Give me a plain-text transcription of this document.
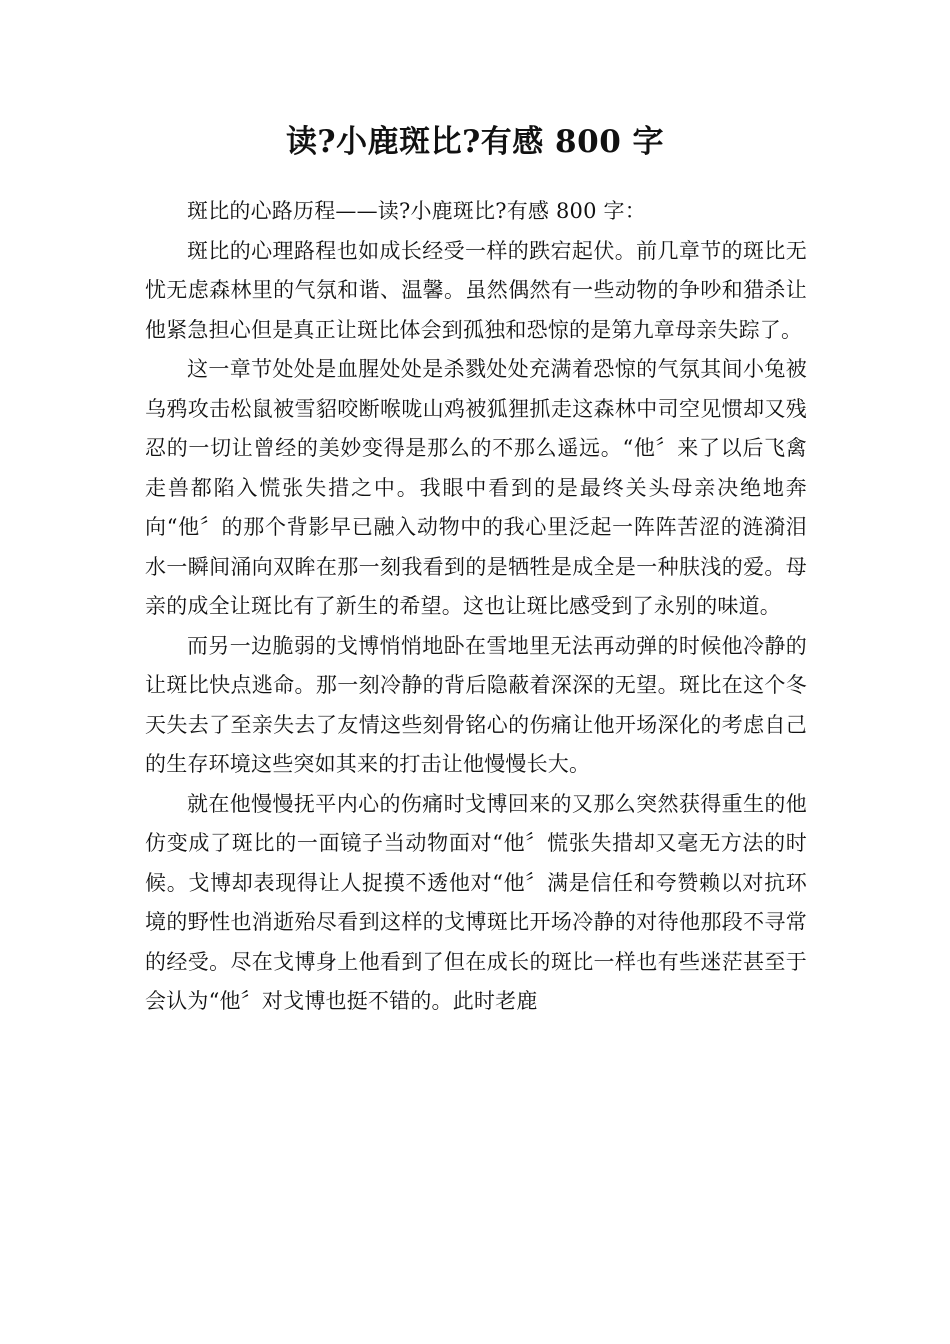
读?小鹿斑比?有感 800 字

斑比的心路历程——读?小鹿斑比?有感 800 字：

斑比的心理路程也如成长经受一样的跌宕起伏。前几章节的斑比无忧无虑森林里的气氛和谐、温馨。虽然偶然有一些动物的争吵和猎杀让他紧急担心但是真正让斑比体会到孤独和恐惊的是第九章母亲失踪了。

这一章节处处是血腥处处是杀戮处处充满着恐惊的气氛其间小兔被乌鸦攻击松鼠被雪貂咬断喉咙山鸡被狐狸抓走这森林中司空见惯却又残忍的一切让曾经的美妙变得是那么的不那么遥远。“他〞来了以后飞禽走兽都陷入慌张失措之中。我眼中看到的是最终关头母亲决绝地奔向“他〞的那个背影早已融入动物中的我心里泛起一阵阵苦涩的涟漪泪水一瞬间涌向双眸在那一刻我看到的是牺牲是成全是一种肤浅的爱。母亲的成全让斑比有了新生的希望。这也让斑比感受到了永别的味道。

而另一边脆弱的戈博悄悄地卧在雪地里无法再动弹的时候他冷静的让斑比快点逃命。那一刻冷静的背后隐蔽着深深的无望。斑比在这个冬天失去了至亲失去了友情这些刻骨铭心的伤痛让他开场深化的考虑自己的生存环境这些突如其来的打击让他慢慢长大。

就在他慢慢抚平内心的伤痛时戈博回来的又那么突然获得重生的他仿变成了斑比的一面镜子当动物面对“他〞慌张失措却又毫无方法的时候。戈博却表现得让人捉摸不透他对“他〞满是信任和夸赞赖以对抗环境的野性也消逝殆尽看到这样的戈博斑比开场冷静的对待他那段不寻常的经受。尽在戈博身上他看到了但在成长的斑比一样也有些迷茫甚至于会认为“他〞对戈博也挺不错的。此时老鹿
